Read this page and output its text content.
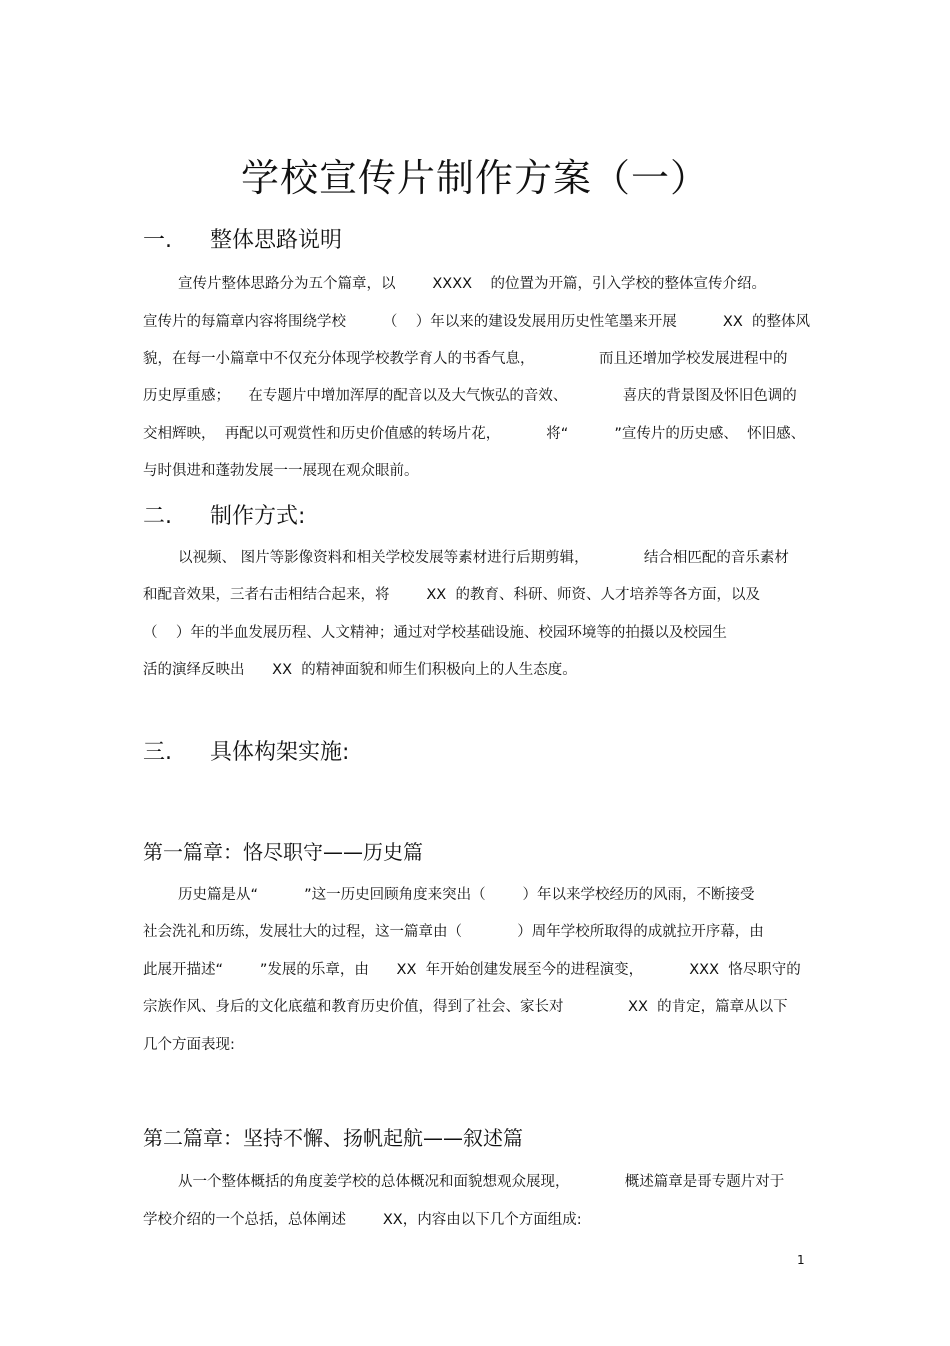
学校宣传片制作方案（一）
一. 整体思路说明
宣传片整体思路分为五个篇章，以        XXXX    的位置为开篇，引入学校的整体宣传介绍。
宣传片的每篇章内容将围绕学校        （    ）年以来的建设发展用历史性笔墨来开展          XX  的整体风
貌，在每一小篇章中不仅充分体现学校教学育人的书香气息，              而且还增加学校发展进程中的
历史厚重感；    在专题片中增加浑厚的配音以及大气恢弘的音效、            喜庆的背景图及怀旧色调的
交相辉映，  再配以可观赏性和历史价值感的转场片花，          将“          ”宣传片的历史感、  怀旧感、
与时俱进和蓬勃发展一一展现在观众眼前。
二. 制作方式:
以视频、 图片等影像资料和相关学校发展等素材进行后期剪辑，            结合相匹配的音乐素材
和配音效果，三者右击相结合起来，将        XX  的教育、科研、师资、人才培养等各方面，以及
（    ）年的半血发展历程、人文精神；通过对学校基础设施、校园环境等的拍摄以及校园生
活的演绎反映出      XX  的精神面貌和师生们积极向上的人生态度。
三. 具体构架实施:
第一篇章：恪尽职守——历史篇
历史篇是从“          ”这一历史回顾角度来突出（        ）年以来学校经历的风雨，不断接受
社会洗礼和历练，发展壮大的过程，这一篇章由（            ）周年学校所取得的成就拉开序幕，由
此展开描述“        ”发展的乐章，由      XX  年开始创建发展至今的进程演变，          XXX  恪尽职守的
宗族作风、身后的文化底蕴和教育历史价值，得到了社会、家长对              XX  的肯定，篇章从以下
几个方面表现:
第二篇章：坚持不懈、扬帆起航——叙述篇
从一个整体概括的角度姜学校的总体概况和面貌想观众展现，            概述篇章是哥专题片对于
学校介绍的一个总括，总体阐述        XX，内容由以下几个方面组成:
1
